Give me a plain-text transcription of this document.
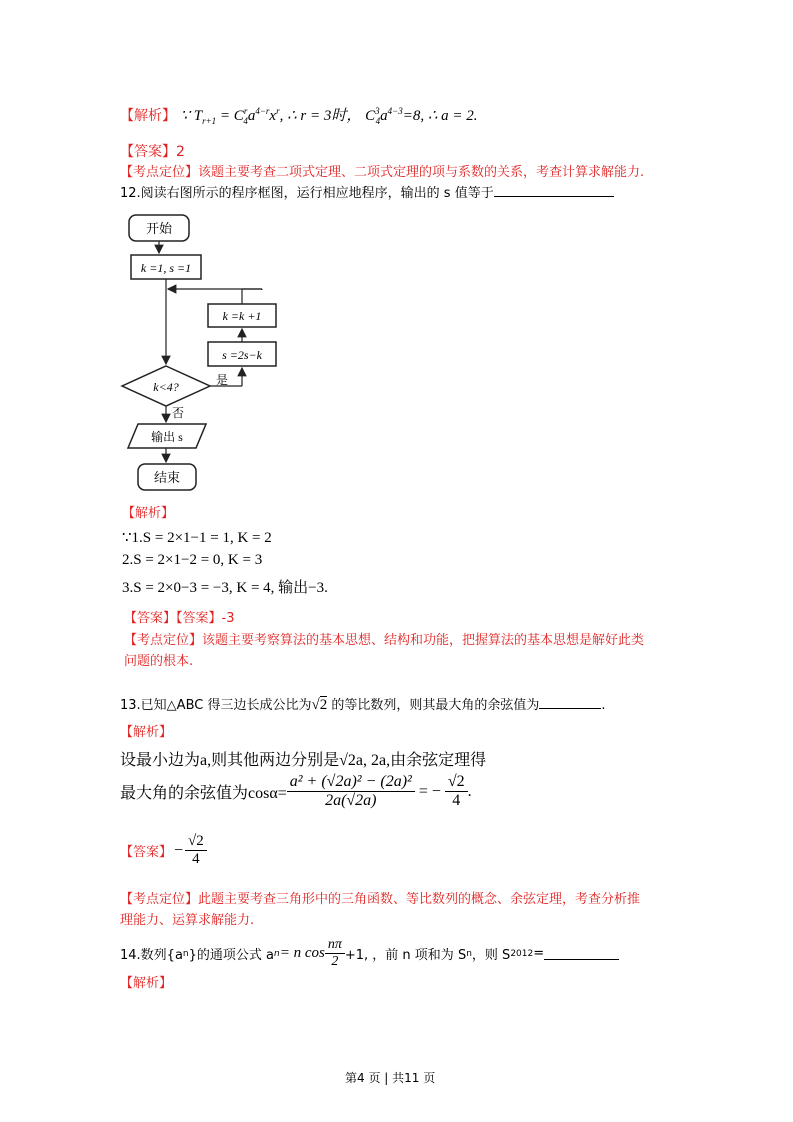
【解析】 ∵ $T_{r+1} = C^r_4a^{4-r}x^r$, ∴ r = 3时， $C^3_4a^{4-3}=8$, ∴ a = 2.
【答案】2
【考点定位】该题主要考查二项式定理、二项式定理的项与系数的关系，考查计算求解能力.
12.阅读右图所示的程序框图，运行相应地程序，输出的 s 值等于
开始
k =1, s =1
k =k +1
s =2s−k
是
k<4?
否
输出 s
结束
【解析】
∵1.S = 2×1−1 = 1, K = 2
2.S = 2×1−2 = 0, K = 3
3.S = 2×0−3 = −3, K = 4, 输出−3.
【答案】【答案】-3
【考点定位】该题主要考察算法的基本思想、结构和功能，把握算法的基本思想是解好此类
问题的根本.
13.已知△ABC 得三边长成公比为√2 的等比数列，则其最大角的余弦值为	.
【解析】
设最小边为a,则其他两边分别是√2a, 2a,由余弦定理得
最大角的余弦值为$\cos\alpha= \frac{\text{a² + (√2a)² − (2a)²}}{2a(√2a)}$ = − $\frac{√2}{4}$ .
【答案】 − $\frac{√2}{4}$
【考点定位】此题主要考查三角形中的三角函数、等比数列的概念、余弦定理，考查分析推
理能力、运算求解能力.
14.数列{a n }的通项公式 a n = n $\cos \frac{n\pi}{2} +1$, ，前 n 项和为 S n ，则 S 2012 =
【解析】
第4 页 | 共11 页
